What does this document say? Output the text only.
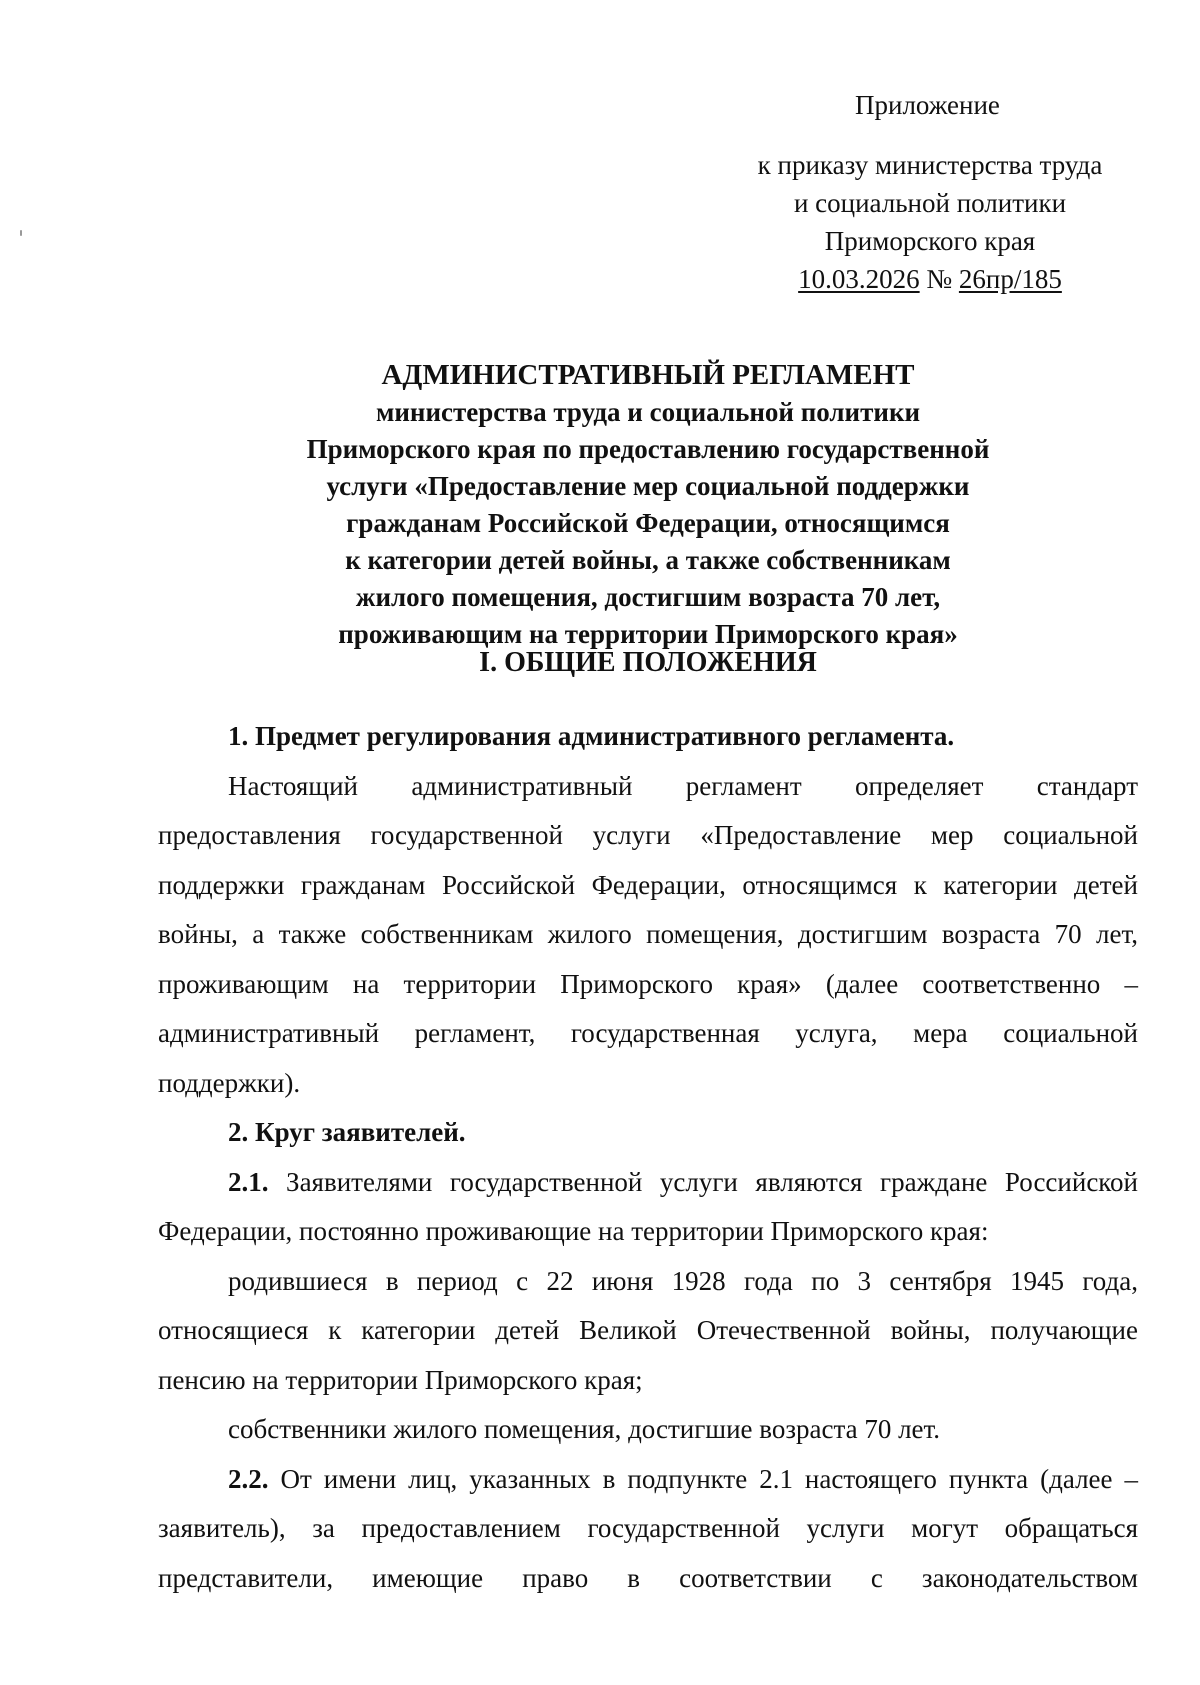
Приложение
к приказу министерства труда
и социальной политики
Приморского края
10.03.2026 № 26пр/185
АДМИНИСТРАТИВНЫЙ РЕГЛАМЕНТ
министерства труда и социальной политики
Приморского края по предоставлению государственной
услуги «Предоставление мер социальной поддержки
гражданам Российской Федерации, относящимся
к категории детей войны, а также собственникам
жилого помещения, достигшим возраста 70 лет,
проживающим на территории Приморского края»
I. ОБЩИЕ ПОЛОЖЕНИЯ

1. Предмет регулирования административного регламента.

Настоящий административный регламент определяет стандарт предоставления государственной услуги «Предоставление мер социальной поддержки гражданам Российской Федерации, относящимся к категории детей войны, а также собственникам жилого помещения, достигшим возраста 70 лет, проживающим на территории Приморского края» (далее соответственно – административный регламент, государственная услуга, мера социальной поддержки).

2. Круг заявителей.

2.1. Заявителями государственной услуги являются граждане Российской Федерации, постоянно проживающие на территории Приморского края:

родившиеся в период с 22 июня 1928 года по 3 сентября 1945 года, относящиеся к категории детей Великой Отечественной войны, получающие пенсию на территории Приморского края;

собственники жилого помещения, достигшие возраста 70 лет.

2.2. От имени лиц, указанных в подпункте 2.1 настоящего пункта (далее – заявитель), за предоставлением государственной услуги могут обращаться представители, имеющие право в соответствии с законодательством
